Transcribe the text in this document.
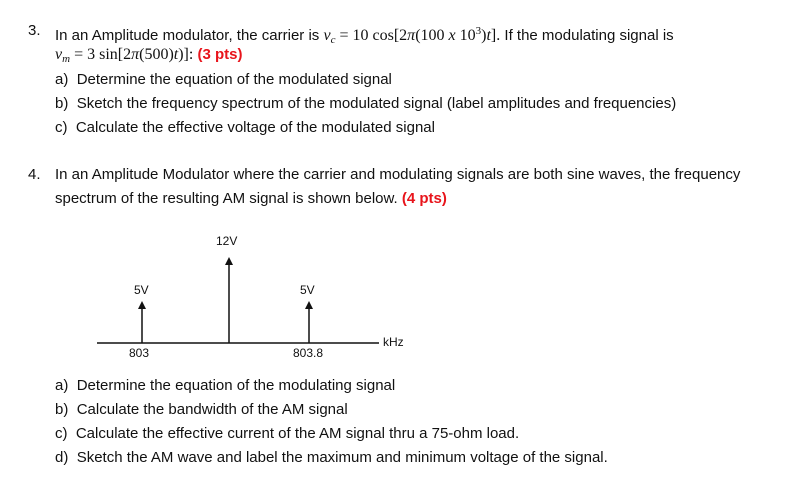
3. In an Amplitude modulator, the carrier is $v_c = 10$ cos[2π(100 x $10^3)t$]. If the modulating signal is
$v_m = 3$ sin[2π(500)t)]: (3 pts)
a) Determine the equation of the modulated signal
b) Sketch the frequency spectrum of the modulated signal (label amplitudes and frequencies)
c) Calculate the effective voltage of the modulated signal
4. In an Amplitude Modulator where the carrier and modulating signals are both sine waves, the frequency
spectrum of the resulting AM signal is shown below. (4 pts)
12V
5V	5V
803	803.8
kHz
a) Determine the equation of the modulating signal
b) Calculate the bandwidth of the AM signal
c) Calculate the effective current of the AM signal thru a 75-ohm load.
d) Sketch the AM wave and label the maximum and minimum voltage of the signal.
